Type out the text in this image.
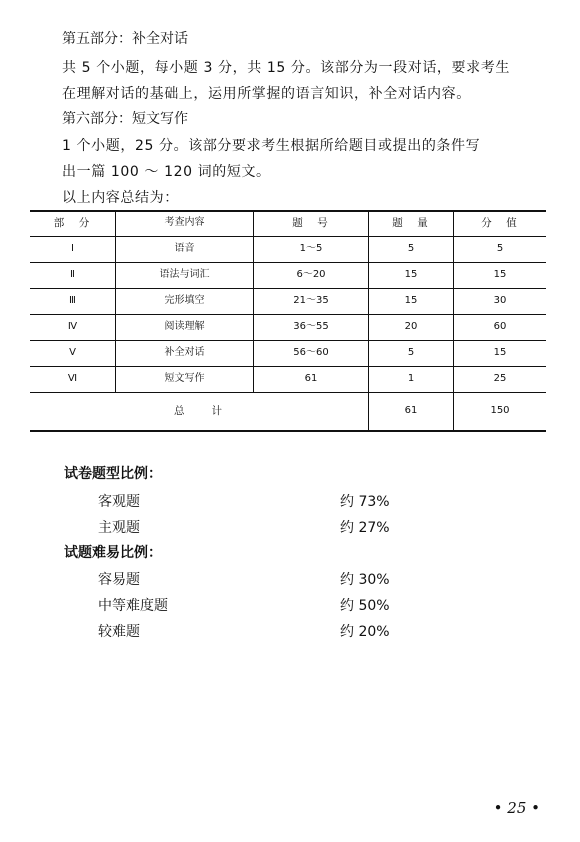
第五部分：补全对话
共 5 个小题，每小题 3 分，共 15 分。该部分为一段对话，要求考生
在理解对话的基础上，运用所掌握的语言知识，补全对话内容。
第六部分：短文写作
1 个小题，25 分。该部分要求考生根据所给题目或提出的条件写
出一篇 100 ～ 120 词的短文。
以上内容总结为：
部　分	考查内容	题　号	题　量	分　值
Ⅰ	语音	1～5	5	5
Ⅱ	语法与词汇	6～20	15	15
Ⅲ	完形填空	21～35	15	30
Ⅳ	阅读理解	36～55	20	60
Ⅴ	补全对话	56～60	5	15
Ⅵ	短文写作	61	1	25
总　　计	61	150
试卷题型比例：
客观题	约 73%
主观题	约 27%
试题难易比例：
容易题	约 30%
中等难度题	约 50%
较难题	约 20%
• 25 •
